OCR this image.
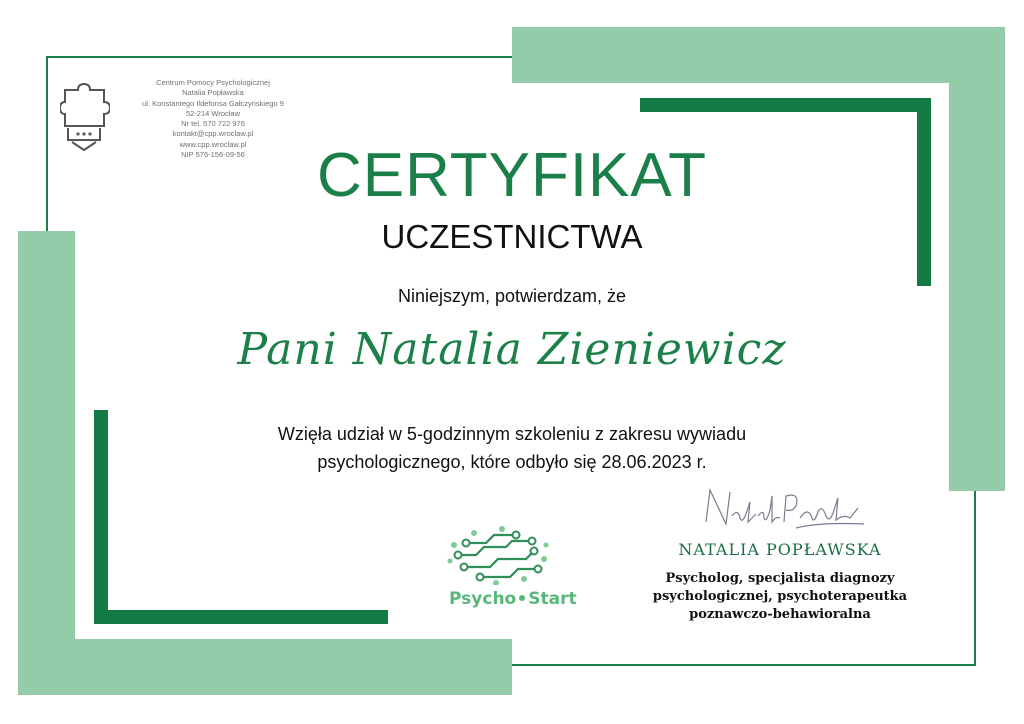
Centrum Pomocy Psychologicznej
Natalia Popławska
ul. Konstantego Ildefonsa Gałczyńskiego 9
52-214 Wrocław
Nr tel. 570 722 976
kontakt@cpp.wroclaw.pl
www.cpp.wroclaw.pl
NIP 576-156-09-56	CERTYFIKAT
UCZESTNICTWA
Niniejszym, potwierdzam, że
Pani Natalia Zieniewicz
Wzięła udział w 5-godzinnym szkoleniu z zakresu wywiadu
psychologicznego, które odbyło się 28.06.2023 r.
Psycho Start
NATALIA POPŁAWSKA
Psycholog, specjalista diagnozy
psychologicznej, psychoterapeutka
poznawczo-behawioralna
